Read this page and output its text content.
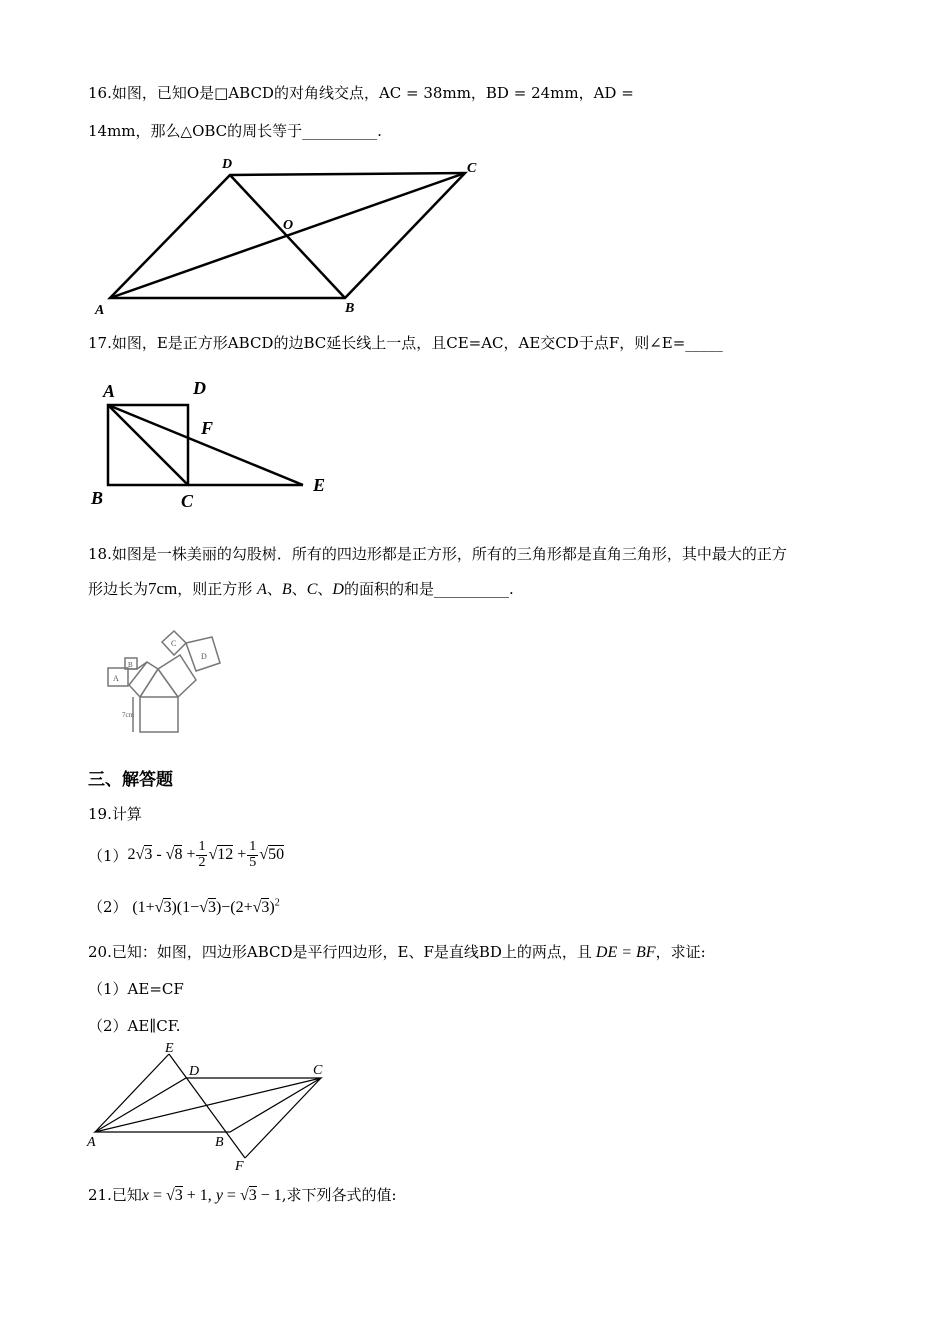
16.如图，已知O是□ABCD的对角线交点，AC = 38mm，BD = 24mm，AD =
14mm，那么△OBC的周长等于__________.
D	C
O
A	B
17.如图，E是正方形ABCD的边BC延长线上一点，且CE=AC，AE交CD于点F，则∠E=_____
A	D
F
E
B	C
18.如图是一株美丽的勾股树．所有的四边形都是正方形，所有的三角形都是直角三角形，其中最大的正方
形边长为7cm，则正方形 A、B、C、D的面积的和是__________.
A
B
C
D
7cm
三、解答题
19.计算
（1） $2√3 - √8 + \frac{1}{2} √12 + \frac{1}{5} √50$
（2） $(1+√3)(1-√3)-(2+√3)^2$
20.已知：如图，四边形ABCD是平行四边形，E、F是直线BD上的两点，且 DE = BF，求证:
（1）AE=CF
（2）AE∥CF.
E
D	C
A	B
F
21.已知x = √3 + 1, y = √3 − 1,求下列各式的值:
